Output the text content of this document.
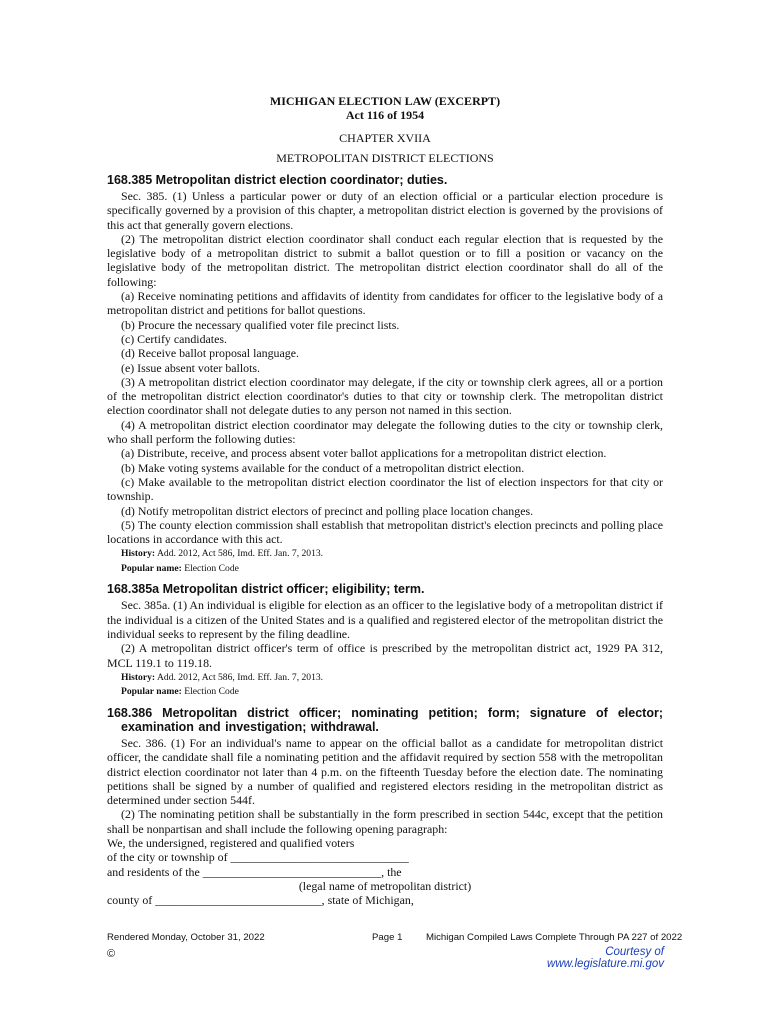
MICHIGAN ELECTION LAW (EXCERPT)
Act 116 of 1954
CHAPTER XVIIA
METROPOLITAN DISTRICT ELECTIONS
168.385 Metropolitan district election coordinator; duties.

Sec. 385. (1) Unless a particular power or duty of an election official or a particular election procedure is specifically governed by a provision of this chapter, a metropolitan district election is governed by the provisions of this act that generally govern elections.

(2) The metropolitan district election coordinator shall conduct each regular election that is requested by the legislative body of a metropolitan district to submit a ballot question or to fill a position or vacancy on the legislative body of the metropolitan district. The metropolitan district election coordinator shall do all of the following:

(a) Receive nominating petitions and affidavits of identity from candidates for officer to the legislative body of a metropolitan district and petitions for ballot questions.

(b) Procure the necessary qualified voter file precinct lists.

(c) Certify candidates.

(d) Receive ballot proposal language.

(e) Issue absent voter ballots.

(3) A metropolitan district election coordinator may delegate, if the city or township clerk agrees, all or a portion of the metropolitan district election coordinator's duties to that city or township clerk. The metropolitan district election coordinator shall not delegate duties to any person not named in this section.

(4) A metropolitan district election coordinator may delegate the following duties to the city or township clerk, who shall perform the following duties:

(a) Distribute, receive, and process absent voter ballot applications for a metropolitan district election.

(b) Make voting systems available for the conduct of a metropolitan district election.

(c) Make available to the metropolitan district election coordinator the list of election inspectors for that city or township.

(d) Notify metropolitan district electors of precinct and polling place location changes.

(5) The county election commission shall establish that metropolitan district's election precincts and polling place locations in accordance with this act.

History: Add. 2012, Act 586, Imd. Eff. Jan. 7, 2013.
Popular name: Election Code
168.385a Metropolitan district officer; eligibility; term.

Sec. 385a. (1) An individual is eligible for election as an officer to the legislative body of a metropolitan district if the individual is a citizen of the United States and is a qualified and registered elector of the metropolitan district the individual seeks to represent by the filing deadline.

(2) A metropolitan district officer's term of office is prescribed by the metropolitan district act, 1929 PA 312, MCL 119.1 to 119.18.

History: Add. 2012, Act 586, Imd. Eff. Jan. 7, 2013.
Popular name: Election Code
168.386 Metropolitan district officer; nominating petition; form; signature of elector; examination and investigation; withdrawal.

Sec. 386. (1) For an individual's name to appear on the official ballot as a candidate for metropolitan district officer, the candidate shall file a nominating petition and the affidavit required by section 558 with the metropolitan district election coordinator not later than 4 p.m. on the fifteenth Tuesday before the election date. The nominating petitions shall be signed by a number of qualified and registered electors residing in the metropolitan district as determined under section 544f.

(2) The nominating petition shall be substantially in the form prescribed in section 544c, except that the petition shall be nonpartisan and shall include the following opening paragraph:

We, the undersigned, registered and qualified voters
of the city or township of ______________________________
and residents of the ______________________________, the
(legal name of metropolitan district)
county of ____________________________, state of Michigan,
Rendered Monday, October 31, 2022	Page 1 Michigan Compiled Laws Complete Through PA 227 of 2022
Courtesy of www.legislature.mi.gov
©
